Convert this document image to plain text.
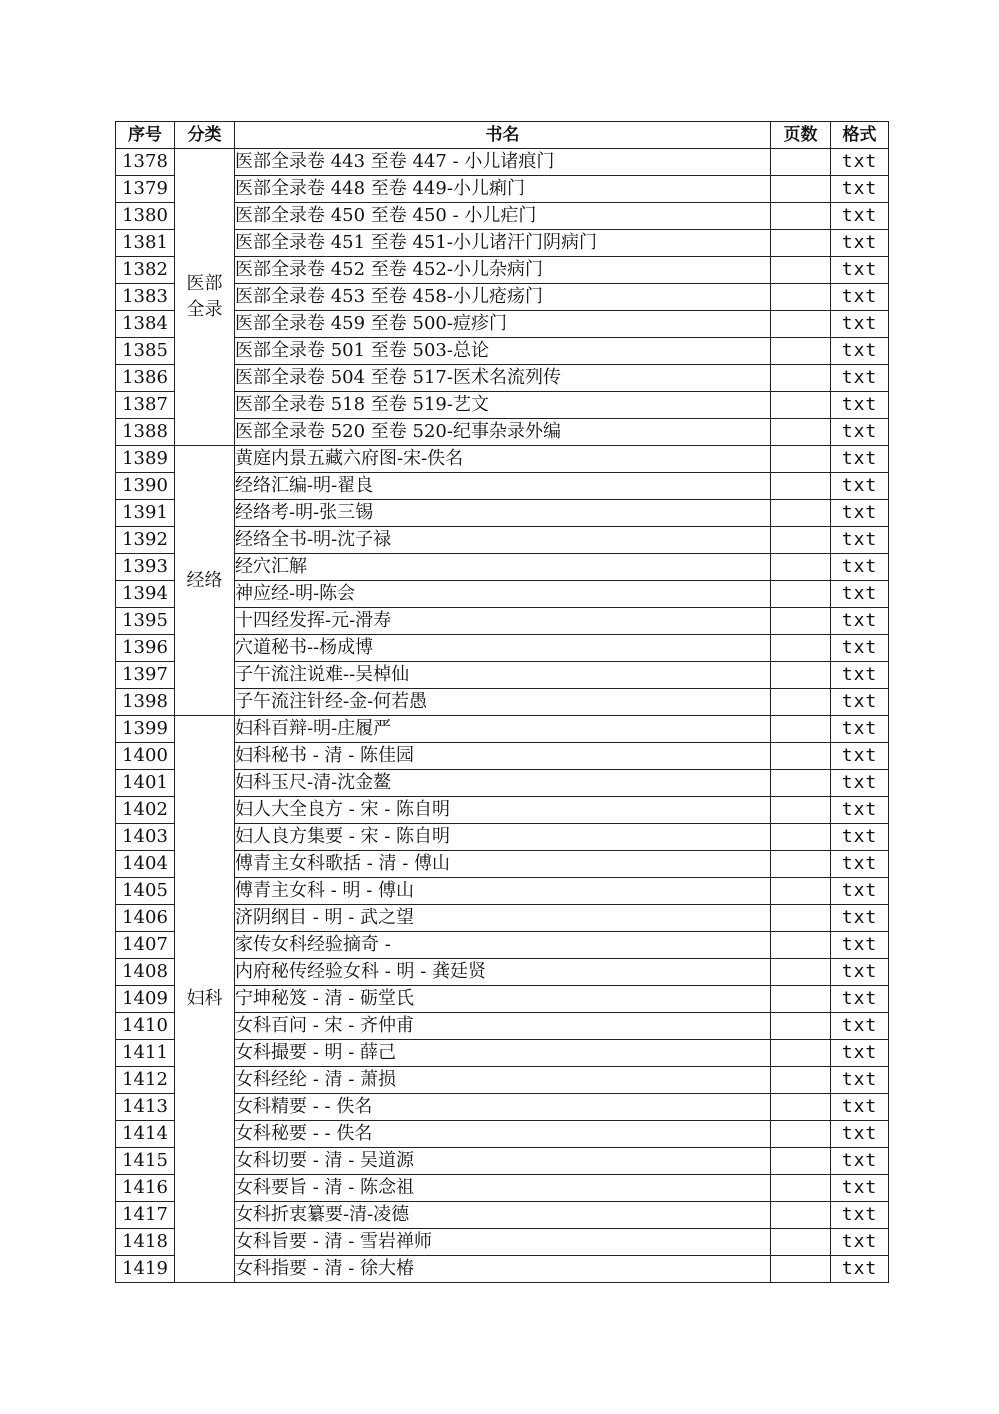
序号	分类	书名	页数	格式
1378	医部全录	医部全录卷 443 至卷 447 - 小儿诸痕门		txt
1379		医部全录卷 448 至卷 449-小儿痢门		txt
1380		医部全录卷 450 至卷 450 - 小儿疟门		txt
1381		医部全录卷 451 至卷 451-小儿诸汗门阴病门		txt
1382		医部全录卷 452 至卷 452-小儿杂病门		txt
1383		医部全录卷 453 至卷 458-小儿疮疡门		txt
1384		医部全录卷 459 至卷 500-痘疹门		txt
1385		医部全录卷 501 至卷 503-总论		txt
1386		医部全录卷 504 至卷 517-医术名流列传		txt
1387		医部全录卷 518 至卷 519-艺文		txt
1388		医部全录卷 520 至卷 520-纪事杂录外编		txt
1389	经络	黄庭内景五藏六府图-宋-佚名		txt
1390		经络汇编-明-翟良		txt
1391		经络考-明-张三锡		txt
1392		经络全书-明-沈子禄		txt
1393		经穴汇解		txt
1394		神应经-明-陈会		txt
1395		十四经发挥-元-滑寿		txt
1396		穴道秘书--杨成博		txt
1397		子午流注说难--吴棹仙		txt
1398		子午流注针经-金-何若愚		txt
1399	妇科	妇科百辩-明-庄履严		txt
1400		妇科秘书 - 清 - 陈佳园		txt
1401		妇科玉尺-清-沈金鳌		txt
1402		妇人大全良方 - 宋 - 陈自明		txt
1403		妇人良方集要 - 宋 - 陈自明		txt
1404		傅青主女科歌括 - 清 - 傅山		txt
1405		傅青主女科 - 明 - 傅山		txt
1406		济阴纲目 - 明 - 武之望		txt
1407		家传女科经验摘奇 -		txt
1408		内府秘传经验女科 - 明 - 龚廷贤		txt
1409		宁坤秘笈 - 清 - 砺堂氏		txt
1410		女科百问 - 宋 - 齐仲甫		txt
1411		女科撮要 - 明 - 薛己		txt
1412		女科经纶 - 清 - 萧损		txt
1413		女科精要 - - 佚名		txt
1414		女科秘要 - - 佚名		txt
1415		女科切要 - 清 - 吴道源		txt
1416		女科要旨 - 清 - 陈念祖		txt
1417		女科折衷纂要-清-凌德		txt
1418		女科旨要 - 清 - 雪岩禅师		txt
1419		女科指要 - 清 - 徐大椿		txt
